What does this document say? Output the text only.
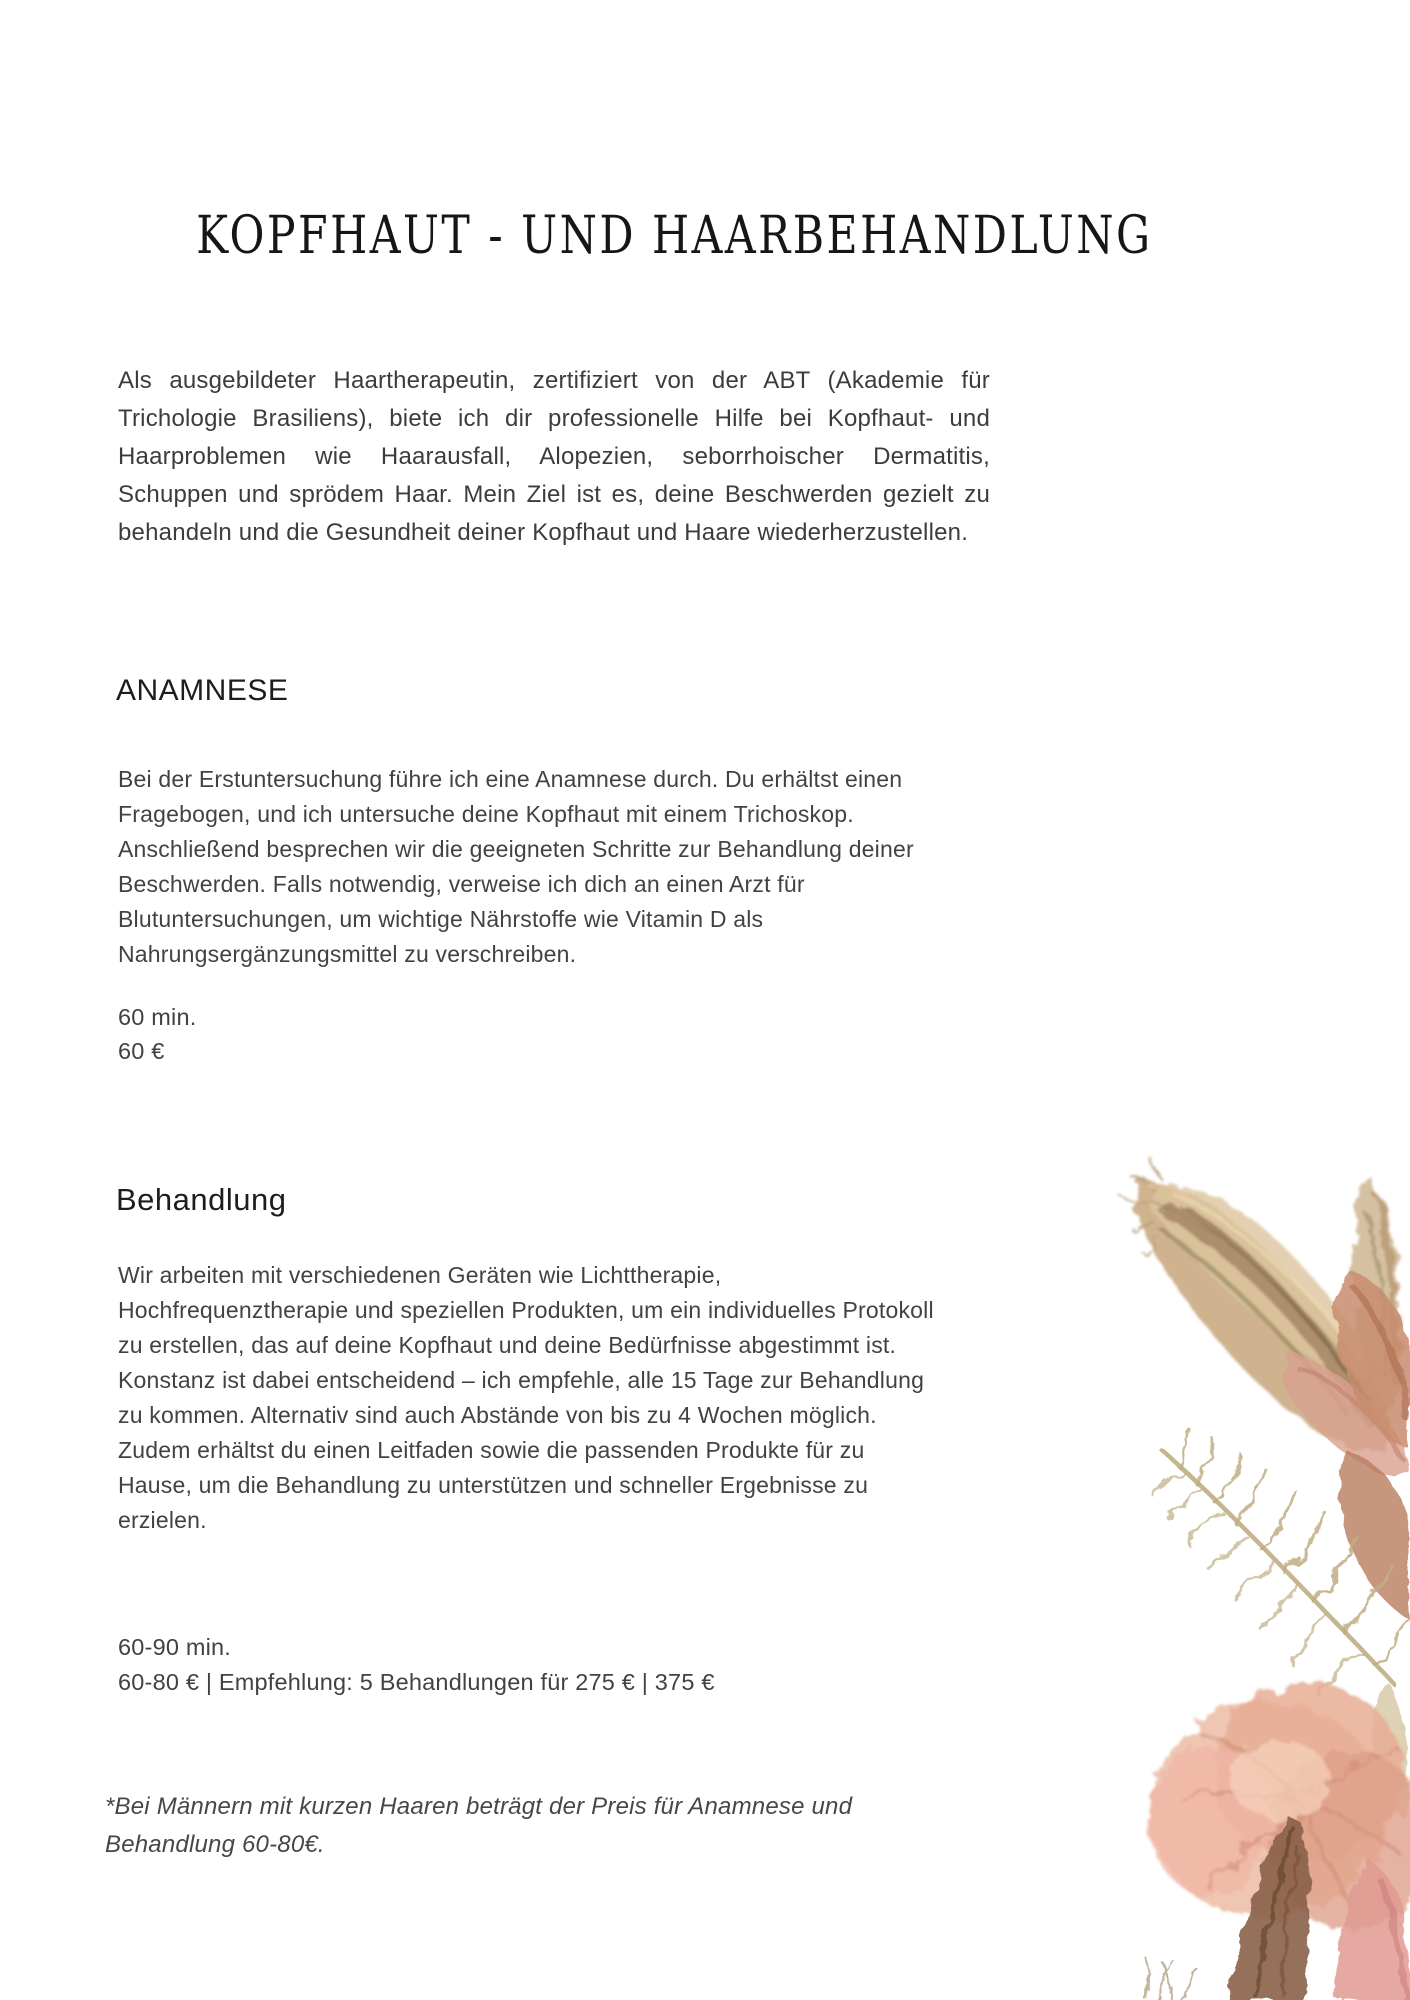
KOPFHAUT - UND HAARBEHANDLUNG

Als ausgebildeter Haartherapeutin, zertifiziert von der ABT (Akademie für Trichologie Brasiliens), biete ich dir professionelle Hilfe bei Kopfhaut- und Haarproblemen wie Haarausfall, Alopezien, seborrhoischer Dermatitis, Schuppen und sprödem Haar. Mein Ziel ist es, deine Beschwerden gezielt zu behandeln und die Gesundheit deiner Kopfhaut und Haare wiederherzustellen.

ANAMNESE

Bei der Erstuntersuchung führe ich eine Anamnese durch. Du erhältst einen Fragebogen, und ich untersuche deine Kopfhaut mit einem Trichoskop. Anschließend besprechen wir die geeigneten Schritte zur Behandlung deiner Beschwerden. Falls notwendig, verweise ich dich an einen Arzt für Blutuntersuchungen, um wichtige Nährstoffe wie Vitamin D als Nahrungsergänzungsmittel zu verschreiben.

60 min.
60 €
Behandlung
Wir arbeiten mit verschiedenen Geräten wie Lichttherapie, Hochfrequenztherapie und speziellen Produkten, um ein individuelles Protokoll zu erstellen, das auf deine Kopfhaut und deine Bedürfnisse abgestimmt ist. Konstanz ist dabei entscheidend – ich empfehle, alle 15 Tage zur Behandlung zu kommen. Alternativ sind auch Abstände von bis zu 4 Wochen möglich.
Zudem erhältst du einen Leitfaden sowie die passenden Produkte für zu Hause, um die Behandlung zu unterstützen und schneller Ergebnisse zu erzielen.
60-90 min.
60-80 € | Empfehlung: 5 Behandlungen für 275 € | 375 €

*Bei Männern mit kurzen Haaren beträgt der Preis für Anamnese und Behandlung 60-80€.
